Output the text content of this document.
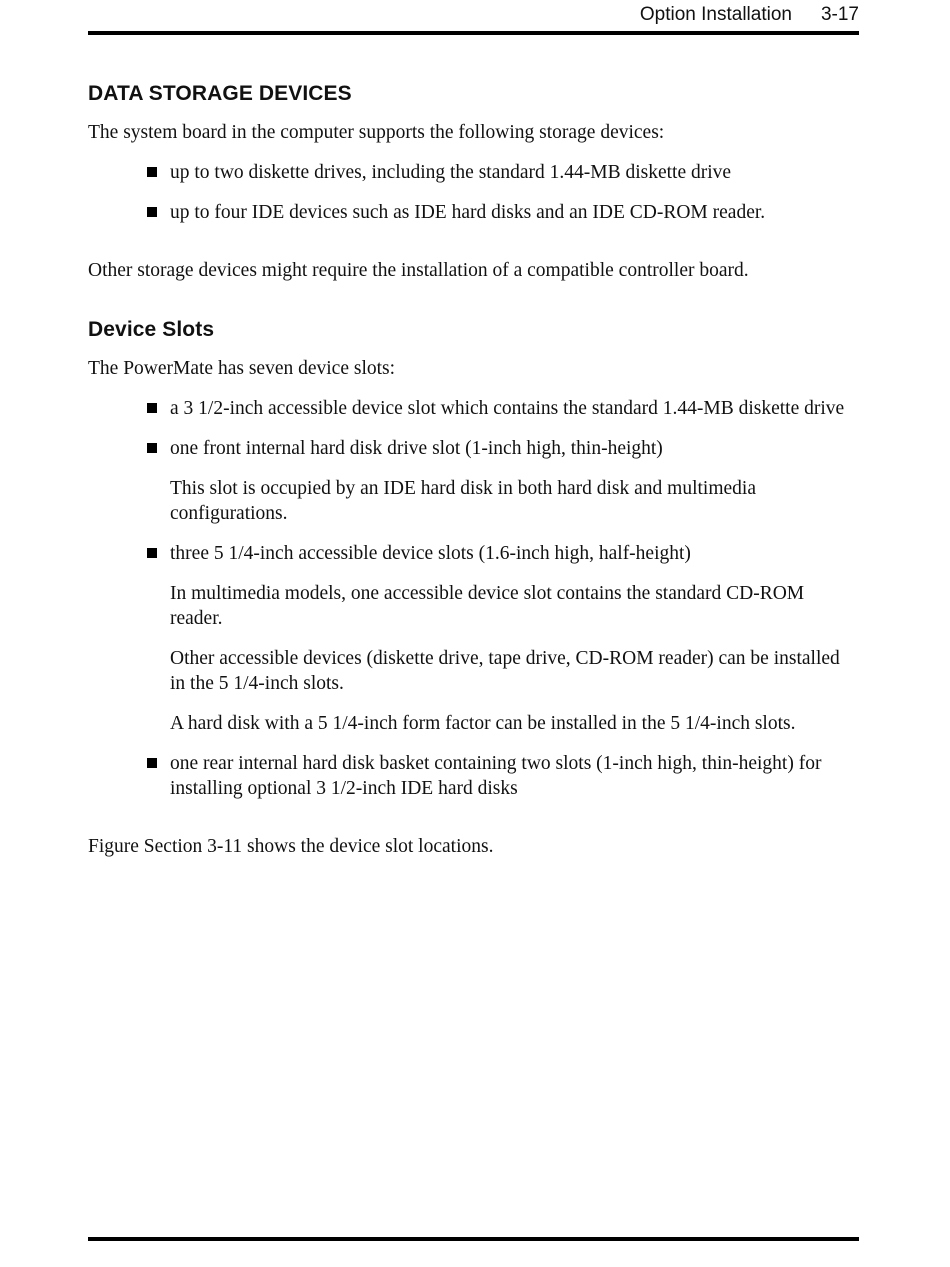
Option Installation 3-17
DATA STORAGE DEVICES

The system board in the computer supports the following storage devices:

up to two diskette drives, including the standard 1.44-MB diskette drive
up to four IDE devices such as IDE hard disks and an IDE CD-ROM reader.

Other storage devices might require the installation of a compatible controller board.

Device Slots

The PowerMate has seven device slots:

a 3 1/2-inch accessible device slot which contains the standard 1.44-MB diskette drive
one front internal hard disk drive slot (1-inch high, thin-height)

This slot is occupied by an IDE hard disk in both hard disk and multimedia configurations.

three 5 1/4-inch accessible device slots (1.6-inch high, half-height)

In multimedia models, one accessible device slot contains the standard CD-ROM reader.

Other accessible devices (diskette drive, tape drive, CD-ROM reader) can be installed in the 5 1/4-inch slots.

A hard disk with a 5 1/4-inch form factor can be installed in the 5 1/4-inch slots.

one rear internal hard disk basket containing two slots (1-inch high, thin-height) for installing optional 3 1/2-inch IDE hard disks

Figure Section 3-11 shows the device slot locations.
